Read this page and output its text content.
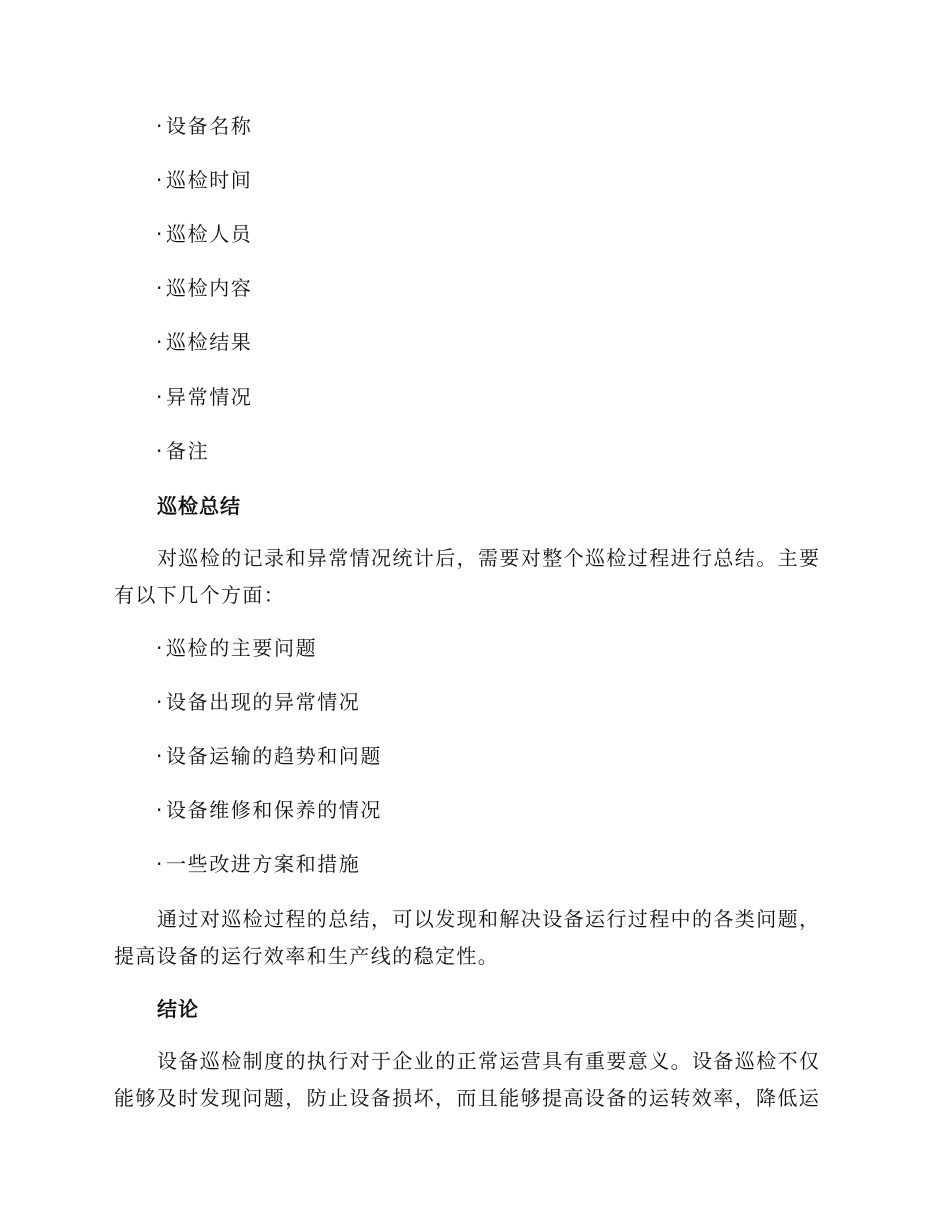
· 设备名称
· 巡检时间
· 巡检人员
· 巡检内容
· 巡检结果
· 异常情况
· 备注
巡检总结
对巡检的记录和异常情况统计后，需要对整个巡检过程进行总结。主要
有以下几个方面：
· 巡检的主要问题
· 设备出现的异常情况
· 设备运输的趋势和问题
· 设备维修和保养的情况
· 一些改进方案和措施
通过对巡检过程的总结，可以发现和解决设备运行过程中的各类问题，
提高设备的运行效率和生产线的稳定性。
结论
设备巡检制度的执行对于企业的正常运营具有重要意义。设备巡检不仅
能够及时发现问题，防止设备损坏，而且能够提高设备的运转效率，降低运
